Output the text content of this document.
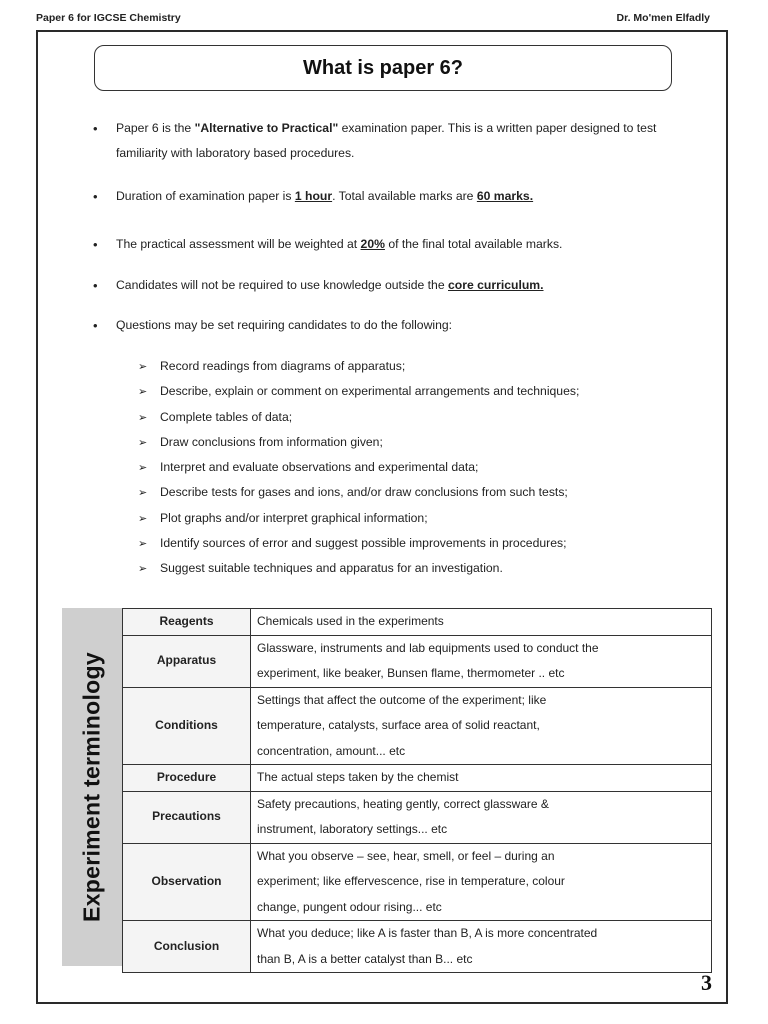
Paper 6 for IGCSE Chemistry	Dr. Mo'men Elfadly
What is paper 6?
• Paper 6 is the "Alternative to Practical" examination paper. This is a written paper designed to test familiarity with laboratory based procedures.
• Duration of examination paper is 1 hour. Total available marks are 60 marks.
• The practical assessment will be weighted at 20% of the final total available marks.
• Candidates will not be required to use knowledge outside the core curriculum.
• Questions may be set requiring candidates to do the following:
➢ Record readings from diagrams of apparatus;
➢ Describe, explain or comment on experimental arrangements and techniques;
➢ Complete tables of data;
➢ Draw conclusions from information given;
➢ Interpret and evaluate observations and experimental data;
➢ Describe tests for gases and ions, and/or draw conclusions from such tests;
➢ Plot graphs and/or interpret graphical information;
➢ Identify sources of error and suggest possible improvements in procedures;
➢ Suggest suitable techniques and apparatus for an investigation.
Experiment terminology
Reagents	Chemicals used in the experiments

Apparatus	Glassware, instruments and lab equipments used to conduct the
experiment, like beaker, Bunsen flame, thermometer .. etc

Conditions	Settings that affect the outcome of the experiment; like
temperature, catalysts, surface area of solid reactant,
concentration, amount... etc

Procedure	The actual steps taken by the chemist

Precautions	Safety precautions, heating gently, correct glassware &
instrument, laboratory settings... etc

Observation	What you observe – see, hear, smell, or feel – during an
experiment; like effervescence, rise in temperature, colour
change, pungent odour rising... etc

Conclusion	What you deduce; like A is faster than B, A is more concentrated
than B, A is a better catalyst than B... etc
3
